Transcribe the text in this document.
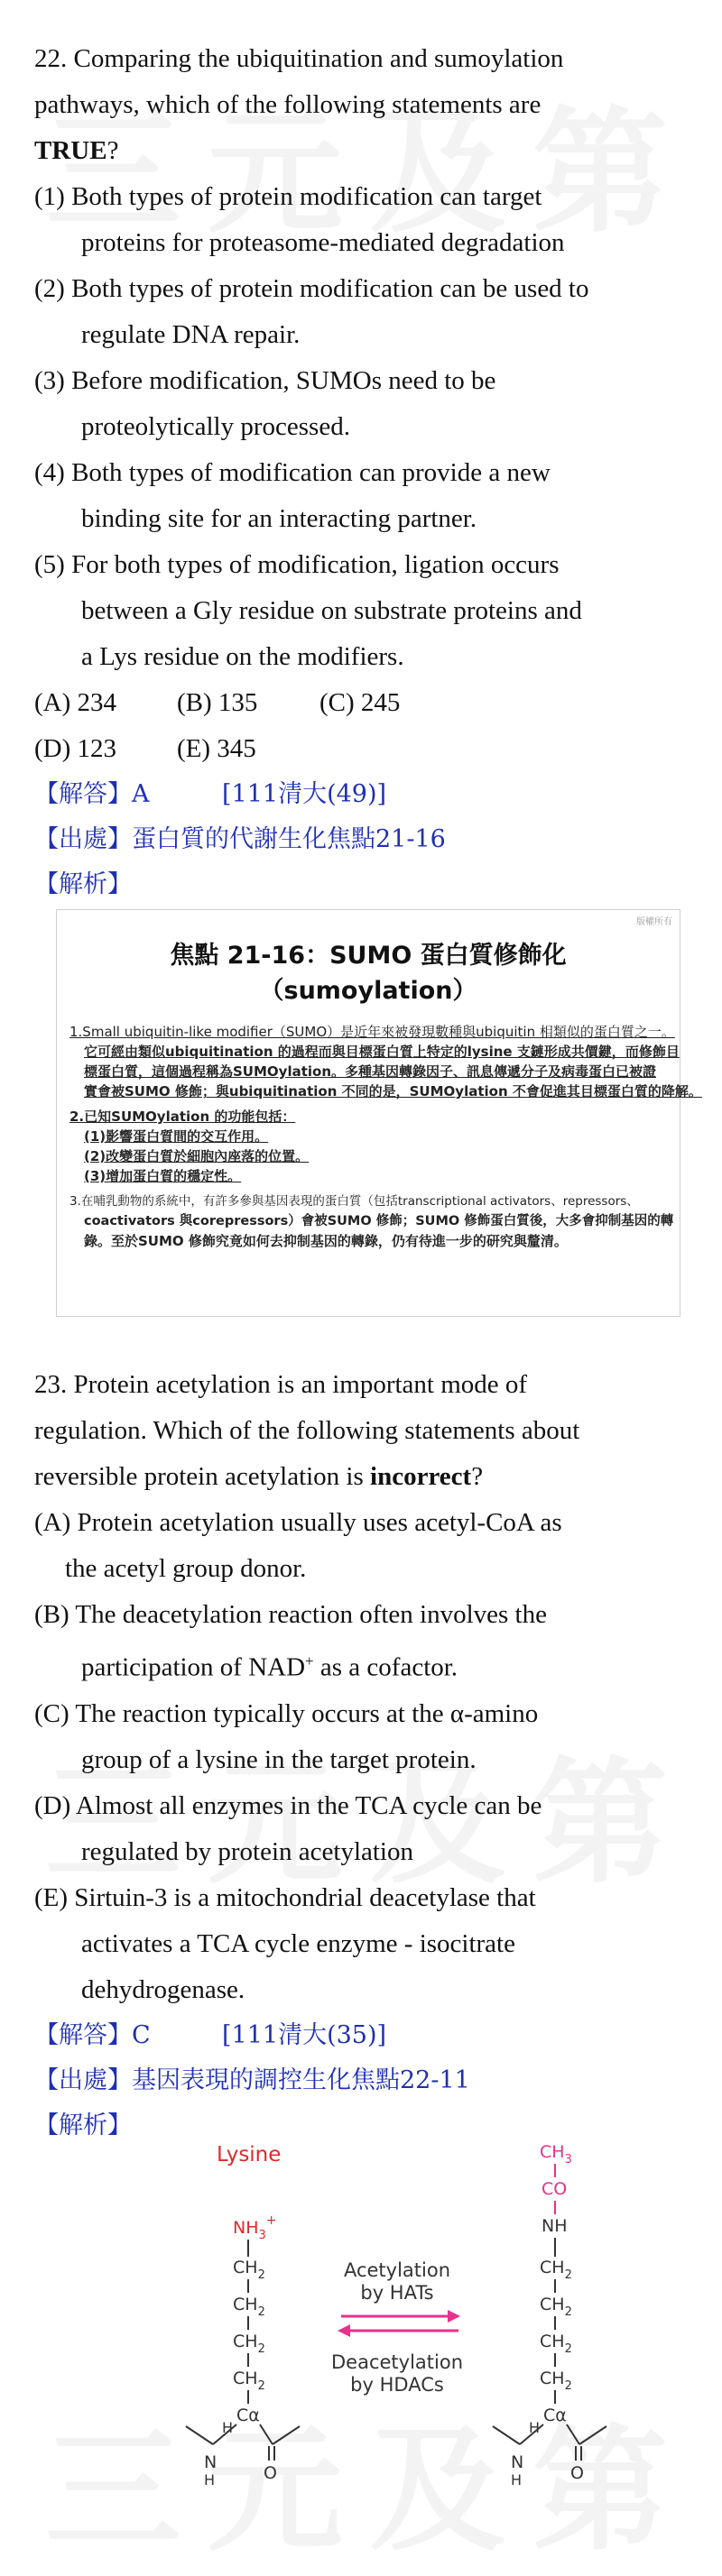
22. Comparing the ubiquitination and sumoylation
pathways, which of the following statements are
TRUE?
(1) Both types of protein modification can target
proteins for proteasome-mediated degradation
(2) Both types of protein modification can be used to
regulate DNA repair.
(3) Before modification, SUMOs need to be
proteolytically processed.
(4) Both types of modification can provide a new
binding site for an interacting partner.
(5) For both types of modification, ligation occurs
between a Gly residue on substrate proteins and
a Lys residue on the modifiers.
(A) 234	(B) 135	(C) 245
(D) 123	(E) 345
【解答】A	[111清大(49)]
【出處】蛋白質的代謝生化焦點21-16
【解析】
版權所有
焦點 21-16：SUMO 蛋白質修飾化（sumoylation）
1.Small ubiquitin-like modifier（SUMO）是近年來被發現數種與ubiquitin 相類似的蛋白質之一。
它可經由類似ubiquitination 的過程而與目標蛋白質上特定的lysine 支鏈形成共價鍵，而修飾目
標蛋白質，這個過程稱為SUMOylation。多種基因轉錄因子、訊息傳遞分子及病毒蛋白已被證
實會被SUMO 修飾；與ubiquitination 不同的是，SUMOylation 不會促進其目標蛋白質的降解。
2.已知SUMOylation 的功能包括：
(1)影響蛋白質間的交互作用。
(2)改變蛋白質於細胞內座落的位置。
(3)增加蛋白質的穩定性。
3.在哺乳動物的系統中，有許多參與基因表現的蛋白質（包括transcriptional activators、repressors、
coactivators 與corepressors）會被SUMO 修飾；SUMO 修飾蛋白質後，大多會抑制基因的轉
錄。至於SUMO 修飾究竟如何去抑制基因的轉錄，仍有待進一步的研究與釐清。
23. Protein acetylation is an important mode of
regulation. Which of the following statements about
reversible protein acetylation is incorrect?
(A) Protein acetylation usually uses acetyl-CoA as
the acetyl group donor.
(B) The deacetylation reaction often involves the
participation of NAD+ as a cofactor.
(C) The reaction typically occurs at the α-amino
group of a lysine in the target protein.
(D) Almost all enzymes in the TCA cycle can be
regulated by protein acetylation
(E) Sirtuin-3 is a mitochondrial deacetylase that
activates a TCA cycle enzyme - isocitrate
dehydrogenase.
【解答】C	[111清大(35)]
【出處】基因表現的調控生化焦點22-11
【解析】
Lysine
$NH_3^+$
$CH_2$
$CH_2$
$CH_2$
$CH_2$
Cα
H
N
H	O
Acetylation
by HATs
Deacetylation
by HDACs
$CH_3$
CO
NH
$CH_2$
$CH_2$
$CH_2$
$CH_2$
Cα
H
N
H	O
